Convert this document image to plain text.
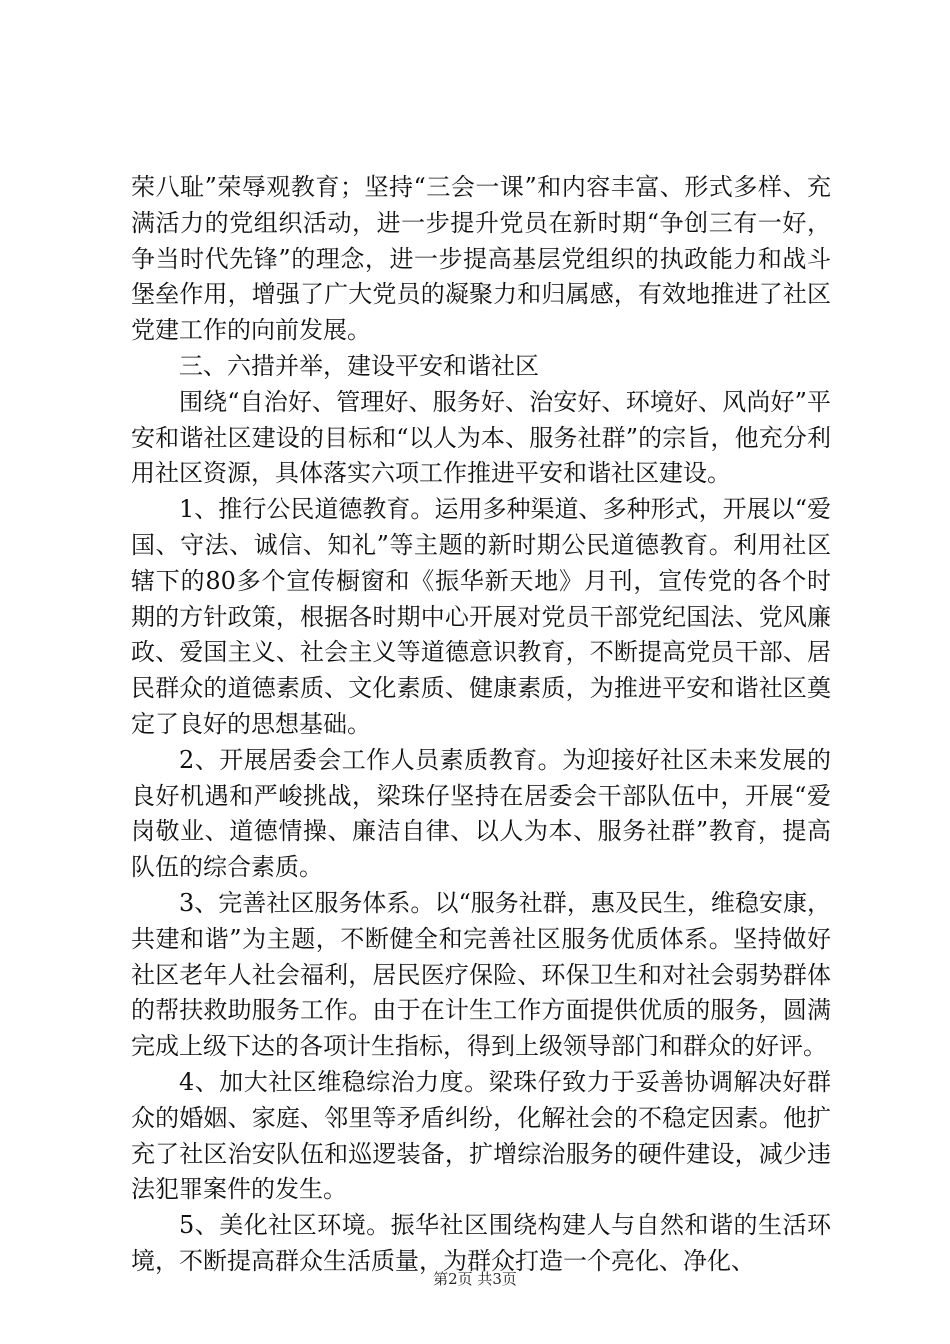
荣八耻”荣辱观教育；坚持“三会一课”和内容丰富、形式多样、充满活力的党组织活动，进一步提升党员在新时期“争创三有一好，争当时代先锋”的理念，进一步提高基层党组织的执政能力和战斗堡垒作用，增强了广大党员的凝聚力和归属感，有效地推进了社区党建工作的向前发展。

三、六措并举，建设平安和谐社区

围绕“自治好、管理好、服务好、治安好、环境好、风尚好”平安和谐社区建设的目标和“以人为本、服务社群”的宗旨，他充分利用社区资源，具体落实六项工作推进平安和谐社区建设。

1、推行公民道德教育。运用多种渠道、多种形式，开展以“爱国、守法、诚信、知礼”等主题的新时期公民道德教育。利用社区辖下的80多个宣传橱窗和《振华新天地》月刊，宣传党的各个时期的方针政策，根据各时期中心开展对党员干部党纪国法、党风廉政、爱国主义、社会主义等道德意识教育，不断提高党员干部、居民群众的道德素质、文化素质、健康素质，为推进平安和谐社区奠定了良好的思想基础。

2、开展居委会工作人员素质教育。为迎接好社区未来发展的良好机遇和严峻挑战，梁珠仔坚持在居委会干部队伍中，开展“爱岗敬业、道德情操、廉洁自律、以人为本、服务社群”教育，提高队伍的综合素质。

3、完善社区服务体系。以“服务社群，惠及民生，维稳安康，共建和谐”为主题，不断健全和完善社区服务优质体系。坚持做好社区老年人社会福利，居民医疗保险、环保卫生和对社会弱势群体的帮扶救助服务工作。由于在计生工作方面提供优质的服务，圆满完成上级下达的各项计生指标，得到上级领导部门和群众的好评。

4、加大社区维稳综治力度。梁珠仔致力于妥善协调解决好群众的婚姻、家庭、邻里等矛盾纠纷，化解社会的不稳定因素。他扩充了社区治安队伍和巡逻装备，扩增综治服务的硬件建设，减少违法犯罪案件的发生。

5、美化社区环境。振华社区围绕构建人与自然和谐的生活环境，不断提高群众生活质量，为群众打造一个亮化、净化、

第2页 共3页
